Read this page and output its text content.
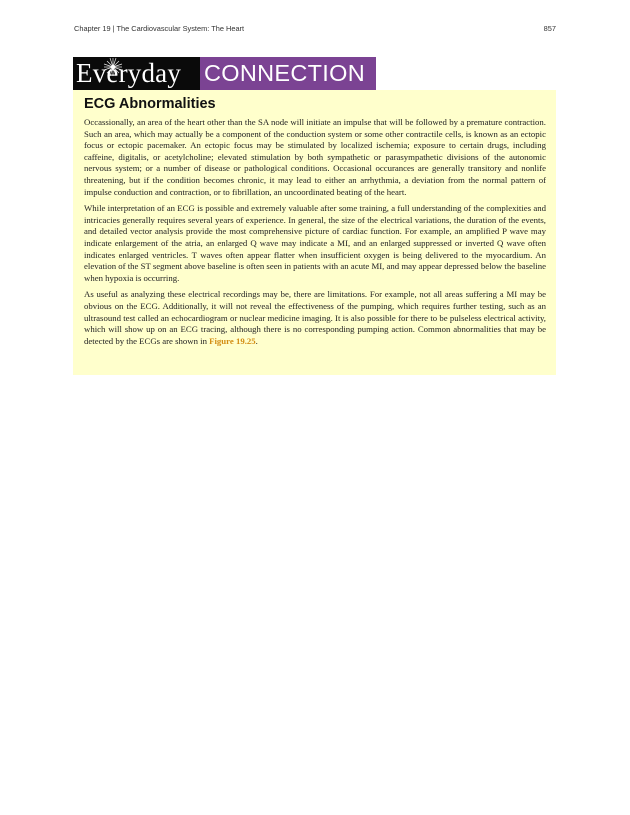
Chapter 19 | The Cardiovascular System: The Heart	857
Everyday CONNECTION
ECG Abnormalities

Occassionally, an area of the heart other than the SA node will initiate an impulse that will be followed by a premature contraction. Such an area, which may actually be a component of the conduction system or some other contractile cells, is known as an ectopic focus or ectopic pacemaker. An ectopic focus may be stimulated by localized ischemia; exposure to certain drugs, including caffeine, digitalis, or acetylcholine; elevated stimulation by both sympathetic or parasympathetic divisions of the autonomic nervous system; or a number of disease or pathological conditions. Occasional occurances are generally transitory and nonlife threatening, but if the condition becomes chronic, it may lead to either an arrhythmia, a deviation from the normal pattern of impulse conduction and contraction, or to fibrillation, an uncoordinated beating of the heart.

While interpretation of an ECG is possible and extremely valuable after some training, a full understanding of the complexities and intricacies generally requires several years of experience. In general, the size of the electrical variations, the duration of the events, and detailed vector analysis provide the most comprehensive picture of cardiac function. For example, an amplified P wave may indicate enlargement of the atria, an enlarged Q wave may indicate a MI, and an enlarged suppressed or inverted Q wave often indicates enlarged ventricles. T waves often appear flatter when insufficient oxygen is being delivered to the myocardium. An elevation of the ST segment above baseline is often seen in patients with an acute MI, and may appear depressed below the baseline when hypoxia is occurring.

As useful as analyzing these electrical recordings may be, there are limitations. For example, not all areas suffering a MI may be obvious on the ECG. Additionally, it will not reveal the effectiveness of the pumping, which requires further testing, such as an ultrasound test called an echocardiogram or nuclear medicine imaging. It is also possible for there to be pulseless electrical activity, which will show up on an ECG tracing, although there is no corresponding pumping action. Common abnormalities that may be detected by the ECGs are shown in Figure 19.25.
